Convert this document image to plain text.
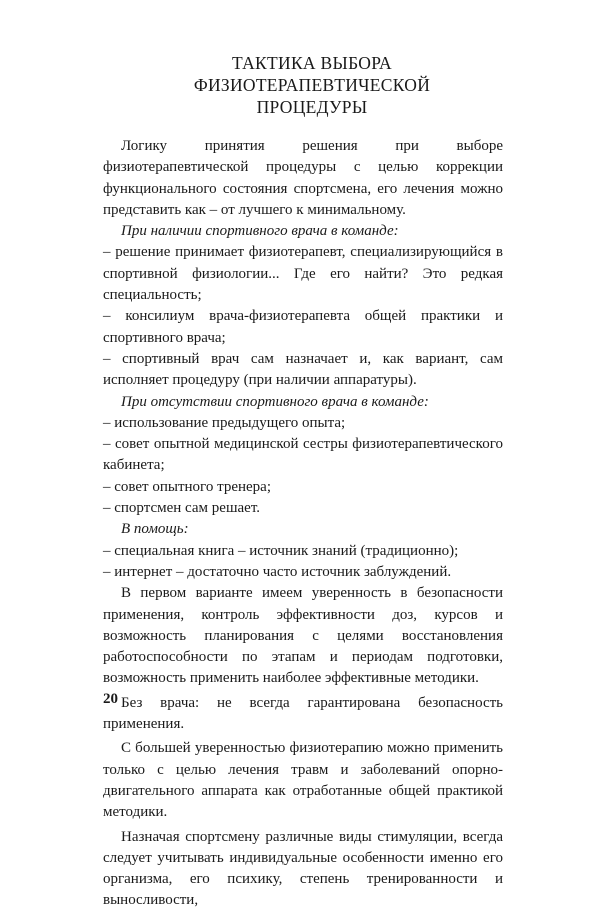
ТАКТИКА ВЫБОРА ФИЗИОТЕРАПЕВТИЧЕСКОЙ
ПРОЦЕДУРЫ

Логику принятия решения при выборе физиотерапевтической процедуры с целью коррекции функционального состояния спортсмена, его лечения можно представить как – от лучшего к минимальному.

При наличии спортивного врача в команде:

– решение принимает физиотерапевт, специализирующийся в спортивной физиологии... Где его найти? Это редкая специальность;

– консилиум врача-физиотерапевта общей практики и спортивного врача;

– спортивный врач сам назначает и, как вариант, сам исполняет процедуру (при наличии аппаратуры).

При отсутствии спортивного врача в команде:

– использование предыдущего опыта;

– совет опытной медицинской сестры физиотерапевтического кабинета;

– совет опытного тренера;

– спортсмен сам решает.

В помощь:

– специальная книга – источник знаний (традиционно);

– интернет – достаточно часто источник заблуждений.

В первом варианте имеем уверенность в безопасности применения, контроль эффективности доз, курсов и возможность планирования с целями восстановления работоспособности по этапам и периодам подготовки, возможность применить наиболее эффективные методики.

Без врача: не всегда гарантирована безопасность применения.

С большей уверенностью физиотерапию можно применить только с целью лечения травм и заболеваний опорно-двигательного аппарата как отработанные общей практикой методики.

Назначая спортсмену различные виды стимуляции, всегда следует учитывать индивидуальные особенности именно его организма, его психику, степень тренированности и выносливости,

20
